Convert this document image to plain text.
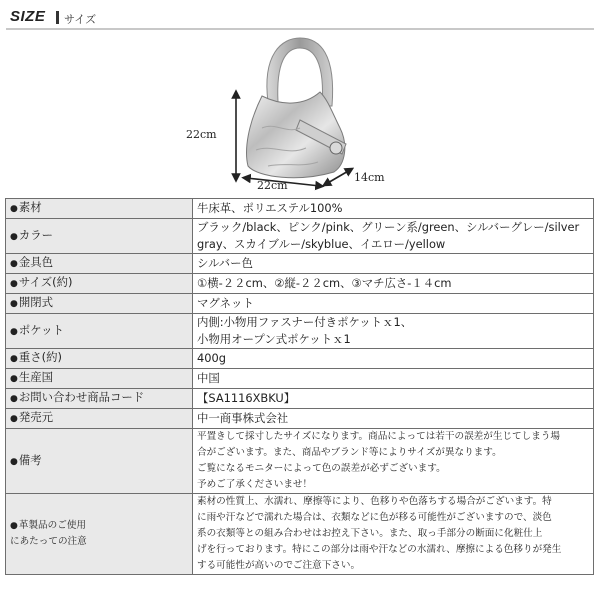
SIZE サイズ
22cm
22cm
14cm
●素材	牛床革、ポリエステル100%

●カラー	ブラック/black、ピンク/pink、グリーン系/green、シルバーグレー/silver
gray、スカイブルー/skyblue、イエロー/yellow

●金具色	シルバー色

●サイズ(約)	①横-２２cm、②縦-２２cm、③マチ広さ-１４cm

●開閉式	マグネット

●ポケット	内側:小物用ファスナー付きポケットｘ1、
小物用オープン式ポケットｘ1

●重さ(約)	400g

●生産国	中国

●お問い合わせ商品コード	【SA1116XBKU】

●発売元	中一商事株式会社

●備考	平置きして採寸したサイズになります。商品によっては若干の誤差が生じてしまう場
合がございます。また、商品やブランド等によりサイズが異なります。
ご覧になるモニターによって色の誤差が必ずございます。
予めご了承くださいませ！

●革製品のご使用
にあたっての注意	素材の性質上、水濡れ、摩擦等により、色移りや色落ちする場合がございます。特
に雨や汗などで濡れた場合は、衣類などに色が移る可能性がございますので、淡色
系の衣類等との組み合わせはお控え下さい。また、取っ手部分の断面に化粧仕上
げを行っております。特にこの部分は雨や汗などの水濡れ、摩擦による色移りが発生
する可能性が高いのでご注意下さい。
